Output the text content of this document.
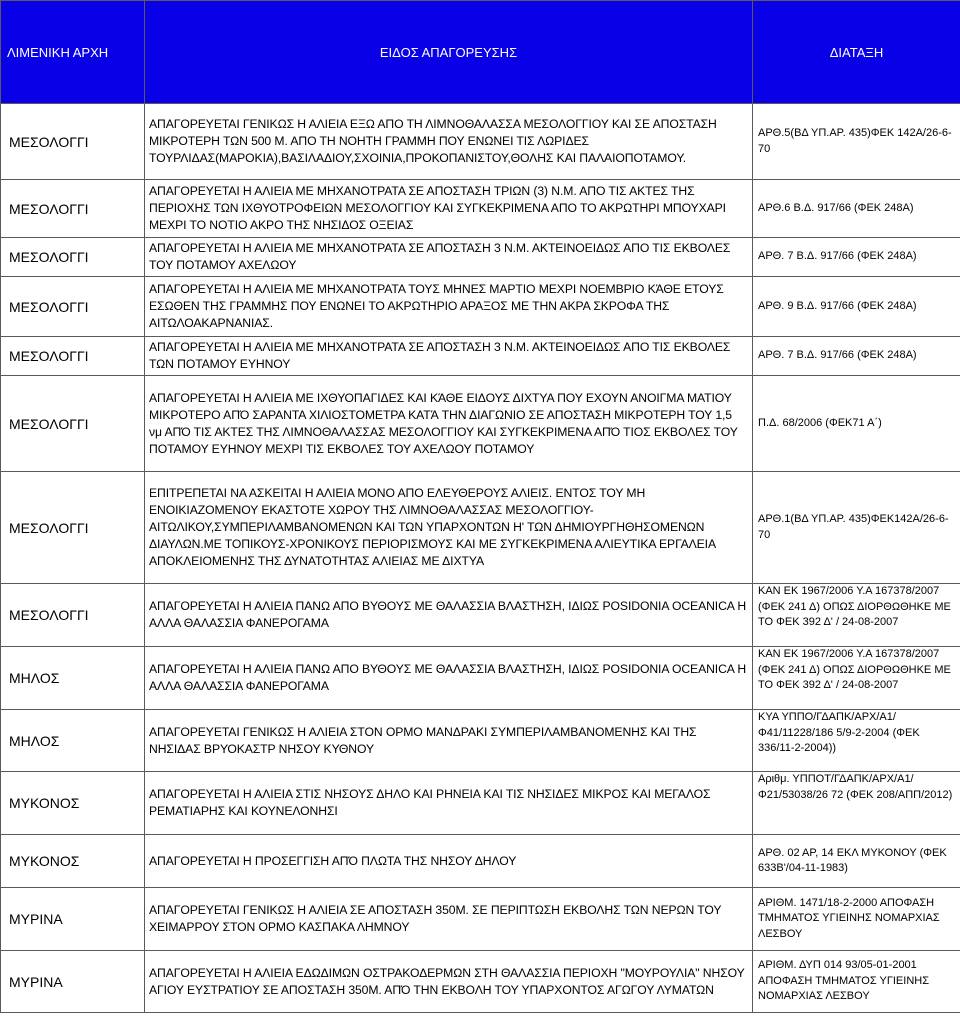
ΛΙΜΕΝΙΚΗ ΑΡΧΗ	ΕΙΔΟΣ ΑΠΑΓΟΡΕΥΣΗΣ	ΔΙΑΤΑΞΗ
ΜΕΣΟΛΟΓΓΙ	ΑΠΑΓΟΡΕΥΕΤΑΙ ΓΕΝΙΚΩΣ Η ΑΛΙΕΙΑ ΕΞΩ ΑΠΟ ΤΗ ΛΙΜΝΟΘΑΛΑΣΣΑ ΜΕΣΟΛΟΓΓΙΟΥ ΚΑΙ ΣΕ ΑΠΟΣΤΑΣΗ ΜΙΚΡΟΤΕΡΗ ΤΩΝ 500 Μ. ΑΠΟ ΤΗ ΝΟΗΤΗ ΓΡΑΜΜΗ ΠΟΥ ΕΝΩΝΕΙ ΤΙΣ ΛΩΡΙΔΕΣ ΤΟΥΡΛΙΔΑΣ(ΜΑΡΟΚΙΑ),ΒΑΣΙΛΑΔΙΟΥ,ΣΧΟΙΝΙΑ,ΠΡΟΚΟΠΑΝΙΣΤΟΥ,ΘΟΛΗΣ ΚΑΙ ΠΑΛΑΙΟΠΟΤΑΜΟΥ.	ΑΡΘ.5(ΒΔ ΥΠ.ΑΡ. 435)ΦΕΚ 142Α/26-6-70
ΜΕΣΟΛΟΓΓΙ	ΑΠΑΓΟΡΕΥΕΤΑΙ Η ΑΛΙΕΙΑ ΜΕ ΜΗΧΑΝΟΤΡΑΤΑ ΣΕ ΑΠΟΣΤΑΣΗ ΤΡΙΩΝ (3) Ν.Μ. ΑΠΟ ΤΙΣ ΑΚΤΕΣ ΤΗΣ ΠΕΡΙΟΧΗΣ ΤΩΝ ΙΧΘΥΟΤΡΟΦΕΙΩΝ ΜΕΣΟΛΟΓΓΙΟΥ ΚΑΙ ΣΥΓΚΕΚΡΙΜΕΝΑ ΑΠΟ ΤΟ ΑΚΡΩΤΗΡΙ ΜΠΟΥΧΑΡΙ ΜΕΧΡΙ ΤΟ ΝΟΤΙΟ ΑΚΡΟ ΤΗΣ ΝΗΣΙΔΟΣ ΟΞΕΙΑΣ	ΑΡΘ.6 Β.Δ. 917/66 (ΦΕΚ 248Α)
ΜΕΣΟΛΟΓΓΙ	ΑΠΑΓΟΡΕΥΕΤΑΙ Η ΑΛΙΕΙΑ ΜΕ ΜΗΧΑΝΟΤΡΑΤΑ ΣΕ ΑΠΟΣΤΑΣΗ 3 Ν.Μ. ΑΚΤΕΙΝΟΕΙΔΩΣ ΑΠΟ ΤΙΣ ΕΚΒΟΛΕΣ ΤΟΥ ΠΟΤΑΜΟΥ ΑΧΕΛΩΟΥ	ΑΡΘ. 7 Β.Δ. 917/66 (ΦΕΚ 248Α)
ΜΕΣΟΛΟΓΓΙ	ΑΠΑΓΟΡΕΥΕΤΑΙ Η ΑΛΙΕΙΑ ΜΕ ΜΗΧΑΝΟΤΡΑΤΑ ΤΟΥΣ ΜΗΝΕΣ ΜΑΡΤΙΟ ΜΕΧΡΙ ΝΟΕΜΒΡΙΟ ΚΆΘΕ ΕΤΟΥΣ ΕΣΩΘΕΝ ΤΗΣ ΓΡΑΜΜΗΣ ΠΟΥ ΕΝΩΝΕΙ ΤΟ ΑΚΡΩΤΗΡΙΟ ΑΡΑΞΟΣ ΜΕ ΤΗΝ ΑΚΡΑ ΣΚΡΟΦΑ ΤΗΣ ΑΙΤΩΛΟΑΚΑΡΝΑΝΙΑΣ.	ΑΡΘ. 9 Β.Δ. 917/66 (ΦΕΚ 248Α)
ΜΕΣΟΛΟΓΓΙ	ΑΠΑΓΟΡΕΥΕΤΑΙ Η ΑΛΙΕΙΑ ΜΕ ΜΗΧΑΝΟΤΡΑΤΑ ΣΕ ΑΠΟΣΤΑΣΗ 3 Ν.Μ. ΑΚΤΕΙΝΟΕΙΔΩΣ ΑΠΟ ΤΙΣ ΕΚΒΟΛΕΣ ΤΩΝ ΠΟΤΑΜΟΥ ΕΥΗΝΟΥ	ΑΡΘ. 7 Β.Δ. 917/66 (ΦΕΚ 248Α)
ΜΕΣΟΛΟΓΓΙ	ΑΠΑΓΟΡΕΥΕΤΑΙ Η ΑΛΙΕΙΑ ΜΕ ΙΧΘΥΟΠΑΓΙΔΕΣ ΚΑΙ ΚΆΘΕ ΕΙΔΟΥΣ ΔΙΧΤΥΑ ΠΟΥ ΕΧΟΥΝ ΑΝΟΙΓΜΑ ΜΑΤΙΟΥ ΜΙΚΡΟΤΕΡΟ ΑΠΌ ΣΑΡΑΝΤΑ ΧΙΛΙΟΣΤΟΜΕΤΡΑ ΚΑΤΆ ΤΗΝ ΔΙΑΓΩΝΙΟ ΣΕ ΑΠΟΣΤΑΣΗ ΜΙΚΡΟΤΕΡΗ ΤΟΥ 1,5 νμ ΑΠΌ ΤΙΣ ΑΚΤΕΣ ΤΗΣ ΛΙΜΝΟΘΑΛΑΣΣΑΣ ΜΕΣΟΛΟΓΓΙΟΥ ΚΑΙ ΣΥΓΚΕΚΡΙΜΕΝΑ ΑΠΌ ΤΙΟΣ ΕΚΒΟΛΕΣ ΤΟΥ ΠΟΤΑΜΟΥ ΕΥΗΝΟΥ ΜΕΧΡΙ ΤΙΣ ΕΚΒΟΛΕΣ ΤΟΥ ΑΧΕΛΩΟΥ ΠΟΤΑΜΟΥ	Π.Δ. 68/2006 (ΦΕΚ71 Α΄)
ΜΕΣΟΛΟΓΓΙ	ΕΠΙΤΡΕΠΕΤΑΙ ΝΑ ΑΣΚΕΙΤΑΙ Η ΑΛΙΕΙΑ ΜΟΝΟ ΑΠΟ ΕΛΕΥΘΕΡΟΥΣ ΑΛΙΕΙΣ. ΕΝΤΟΣ ΤΟΥ ΜΗ ΕΝΟΙΚΙΑΖΟΜΕΝΟΥ ΕΚΑΣΤΟΤΕ ΧΩΡΟΥ ΤΗΣ ΛΙΜΝΟΘΑΛΑΣΣΑΣ ΜΕΣΟΛΟΓΓΙΟΥ-ΑΙΤΩΛΙΚΟΥ,ΣΥΜΠΕΡΙΛΑΜΒΑΝΟΜΕΝΩΝ ΚΑΙ ΤΩΝ ΥΠΑΡΧΟΝΤΩΝ Η' ΤΩΝ ΔΗΜΙΟΥΡΓΗΘΗΣΟΜΕΝΩΝ ΔΙΑΥΛΩΝ.ΜΕ ΤΟΠΙΚΟΥΣ-ΧΡΟΝΙΚΟΥΣ ΠΕΡΙΟΡΙΣΜΟΥΣ ΚΑΙ ΜΕ ΣΥΓΚΕΚΡΙΜΕΝΑ ΑΛΙΕΥΤΙΚΑ ΕΡΓΑΛΕΙΑ ΑΠΟΚΛΕΙΟΜΕΝΗΣ ΤΗΣ ΔΥΝΑΤΟΤΗΤΑΣ ΑΛΙΕΙΑΣ ΜΕ ΔΙΧΤΥΑ	ΑΡΘ.1(ΒΔ ΥΠ.ΑΡ. 435)ΦΕΚ142Α/26-6-70
ΜΕΣΟΛΟΓΓΙ	ΑΠΑΓΟΡΕΥΕΤΑΙ Η ΑΛΙΕΙΑ ΠΑΝΩ ΑΠΟ ΒΥΘΟΥΣ ΜΕ ΘΑΛΑΣΣΙΑ ΒΛΑΣΤΗΣΗ, ΙΔΙΩΣ POSIDONIA OCEANICA Η ΑΛΛΑ ΘΑΛΑΣΣΙΑ ΦΑΝΕΡΟΓΑΜΑ	ΚΑΝ ΕΚ 1967/2006 Υ.Α 167378/2007 (ΦΕΚ 241 Δ) ΟΠΩΣ ΔΙΟΡΘΩΘΗΚΕ ΜΕ ΤΟ ΦΕΚ 392 Δ' / 24-08-2007
ΜΗΛΟΣ	ΑΠΑΓΟΡΕΥΕΤΑΙ Η ΑΛΙΕΙΑ ΠΑΝΩ ΑΠΟ ΒΥΘΟΥΣ ΜΕ ΘΑΛΑΣΣΙΑ ΒΛΑΣΤΗΣΗ, ΙΔΙΩΣ POSIDONIA OCEANICA Η ΑΛΛΑ ΘΑΛΑΣΣΙΑ ΦΑΝΕΡΟΓΑΜΑ	ΚΑΝ ΕΚ 1967/2006 Υ.Α 167378/2007 (ΦΕΚ 241 Δ) ΟΠΩΣ ΔΙΟΡΘΩΘΗΚΕ ΜΕ ΤΟ ΦΕΚ 392 Δ' / 24-08-2007
ΜΗΛΟΣ	ΑΠΑΓΟΡΕΥΕΤΑΙ ΓΕΝΙΚΩΣ Η ΑΛΙΕΙΑ ΣΤΟΝ ΟΡΜΟ ΜΑΝΔΡΑΚΙ ΣΥΜΠΕΡΙΛΑΜΒΑΝΟΜΕΝΗΣ ΚΑΙ ΤΗΣ ΝΗΣΙΔΑΣ ΒΡΥΟΚΑΣΤΡ ΝΗΣΟΥ ΚΥΘΝΟΥ	ΚΥΑ ΥΠΠΟ/ΓΔΑΠΚ/ΑΡΧ/Α1/Φ41/11228/186 5/9-2-2004 (ΦΕΚ 336/11-2-2004))
ΜΥΚΟΝΟΣ	ΑΠΑΓΟΡΕΥΕΤΑΙ Η ΑΛΙΕΙΑ ΣΤΙΣ ΝΗΣΟΥΣ ΔΗΛΟ ΚΑΙ ΡΗΝΕΙΑ ΚΑΙ ΤΙΣ ΝΗΣΙΔΕΣ ΜΙΚΡΟΣ ΚΑΙ ΜΕΓΑΛΟΣ ΡΕΜΑΤΙΑΡΗΣ ΚΑΙ ΚΟΥΝΕΛΟΝΗΣΙ	Αριθμ. ΥΠΠΟΤ/ΓΔΑΠΚ/ΑΡΧ/Α1/Φ21/53038/26 72 (ΦΕΚ 208/ΑΠΠ/2012)
ΜΥΚΟΝΟΣ	ΑΠΑΓΟΡΕΥΕΤΑΙ Η ΠΡΟΣΕΓΓΙΣΗ ΑΠΌ ΠΛΩΤΑ ΤΗΣ ΝΗΣΟΥ ΔΗΛΟΥ	ΑΡΘ. 02 ΑΡ, 14 ΕΚΛ ΜΥΚΟΝΟΥ (ΦΕΚ 633Β'/04-11-1983)
ΜΥΡΙΝΑ	ΑΠΑΓΟΡΕΥΕΤΑΙ ΓΕΝΙΚΩΣ Η ΑΛΙΕΙΑ ΣΕ ΑΠΟΣΤΑΣΗ 350Μ. ΣΕ ΠΕΡΙΠΤΩΣΗ ΕΚΒΟΛΗΣ ΤΩΝ ΝΕΡΩΝ ΤΟΥ ΧΕΙΜΑΡΡΟΥ ΣΤΟΝ ΟΡΜΟ ΚΑΣΠΑΚΑ ΛΗΜΝΟΥ	ΑΡΙΘΜ. 1471/18-2-2000 ΑΠΟΦΑΣΗ ΤΜΗΜΑΤΟΣ ΥΓΙΕΙΝΗΣ ΝΟΜΑΡΧΙΑΣ ΛΕΣΒΟΥ
ΜΥΡΙΝΑ	ΑΠΑΓΟΡΕΥΕΤΑΙ Η ΑΛΙΕΙΑ ΕΔΩΔΙΜΩΝ ΟΣΤΡΑΚΟΔΕΡΜΩΝ ΣΤΗ ΘΑΛΑΣΣΙΑ ΠΕΡΙΟΧΗ "ΜΟΥΡΟΥΛΙΑ" ΝΗΣΟΥ ΑΓΙΟΥ ΕΥΣΤΡΑΤΙΟΥ ΣΕ ΑΠΟΣΤΑΣΗ 350Μ. ΑΠΌ ΤΗΝ ΕΚΒΟΛΗ ΤΟΥ ΥΠΑΡΧΟΝΤΟΣ ΑΓΩΓΟΥ ΛΥΜΑΤΩΝ	ΑΡΙΘΜ. ΔΥΠ 014 93/05-01-2001 ΑΠΟΦΑΣΗ ΤΜΗΜΑΤΟΣ ΥΓΙΕΙΝΗΣ ΝΟΜΑΡΧΙΑΣ ΛΕΣΒΟΥ
